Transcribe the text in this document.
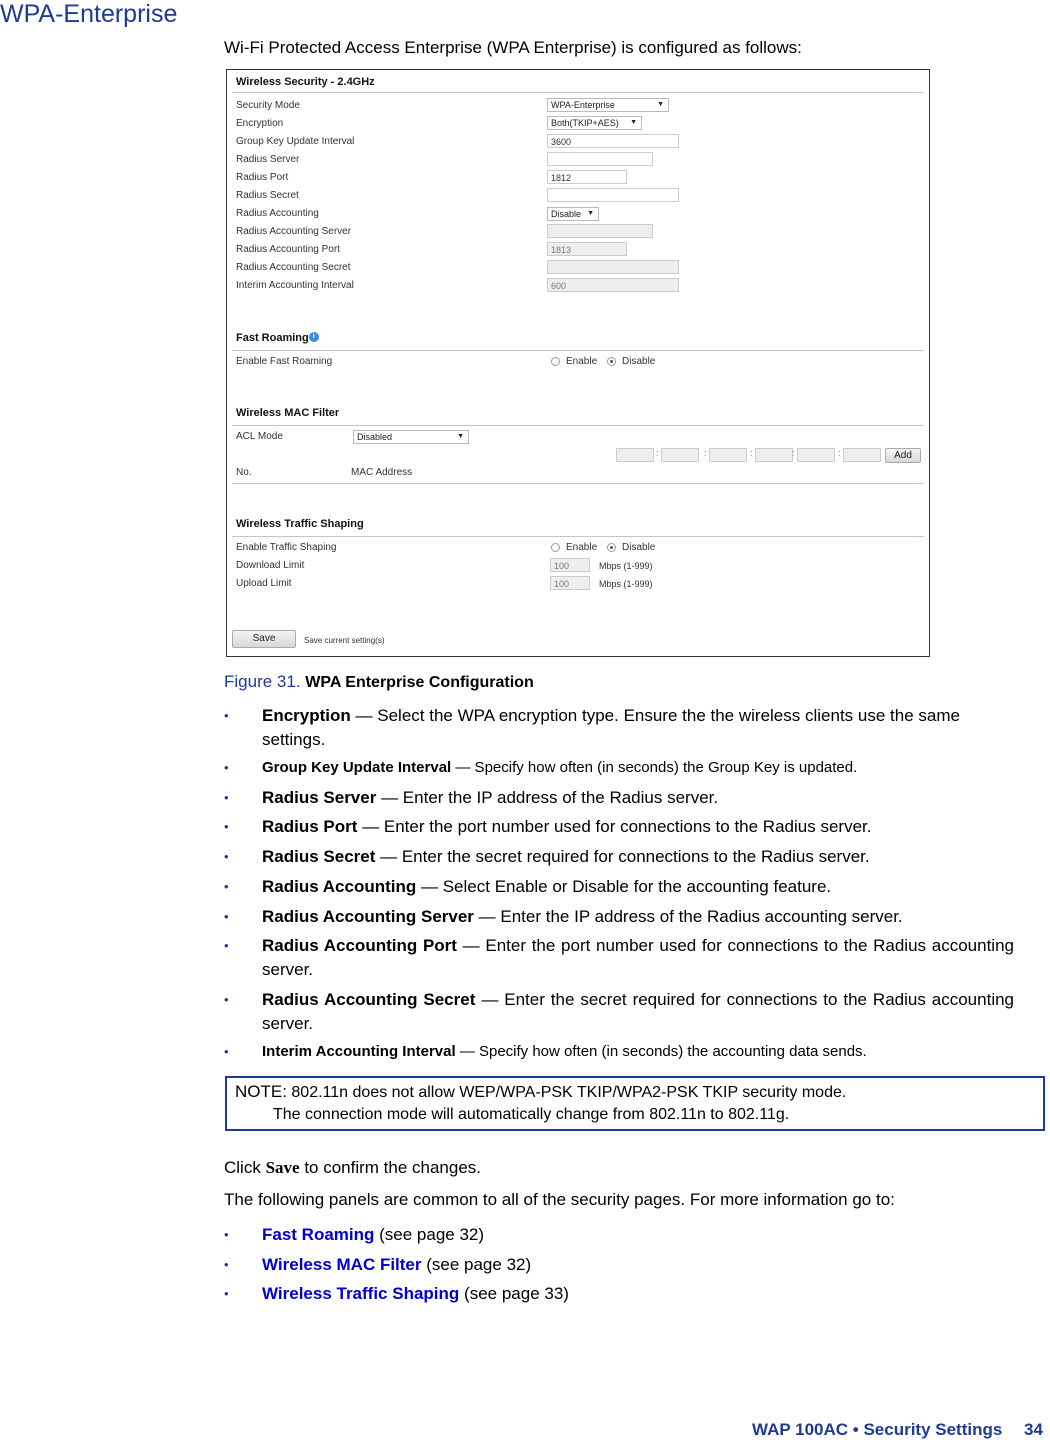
WPA-Enterprise
Wi-Fi Protected Access Enterprise (WPA Enterprise) is configured as follows:
Wireless Security - 2.4GHz
Security Mode	WPA-Enterprise	▼
Encryption	Both(TKIP+AES) ▼
Group Key Update Interval	3600
Radius Server
Radius Port	1812
Radius Secret
Radius Accounting	Disable ▼
Radius Accounting Server
Radius Accounting Port	1813
Radius Accounting Secret
Interim Accounting Interval	600
Fast Roaming i
Enable Fast Roaming	Enable	Disable
Wireless MAC Filter
ACL Mode	Disabled	▼
:	:	:	:	:	Add
No.	MAC Address
Wireless Traffic Shaping
Enable Traffic Shaping	Enable	Disable
Download Limit	100	Mbps (1-999)
Upload Limit	100	Mbps (1-999)
Save	Save current setting(s)
Figure 31. WPA Enterprise Configuration
• Encryption — Select the WPA encryption type. Ensure the the wireless clients use the same settings.
• Group Key Update Interval — Specify how often (in seconds) the Group Key is updated.
• Radius Server — Enter the IP address of the Radius server.
• Radius Port — Enter the port number used for connections to the Radius server.
• Radius Secret — Enter the secret required for connections to the Radius server.
• Radius Accounting — Select Enable or Disable for the accounting feature.
• Radius Accounting Server — Enter the IP address of the Radius accounting server.
• Radius Accounting Port — Enter the port number used for connections to the Radius accounting server.
• Radius Accounting Secret — Enter the secret required for connections to the Radius accounting server.
• Interim Accounting Interval — Specify how often (in seconds) the accounting data sends.
NOTE: 802.11n does not allow WEP/WPA-PSK TKIP/WPA2-PSK TKIP security mode.
The connection mode will automatically change from 802.11n to 802.11g.
Click Save to confirm the changes.
The following panels are common to all of the security pages. For more information go to:
• Fast Roaming (see page 32)
• Wireless MAC Filter (see page 32)
• Wireless Traffic Shaping (see page 33)
WAP 100AC • Security Settings 34
